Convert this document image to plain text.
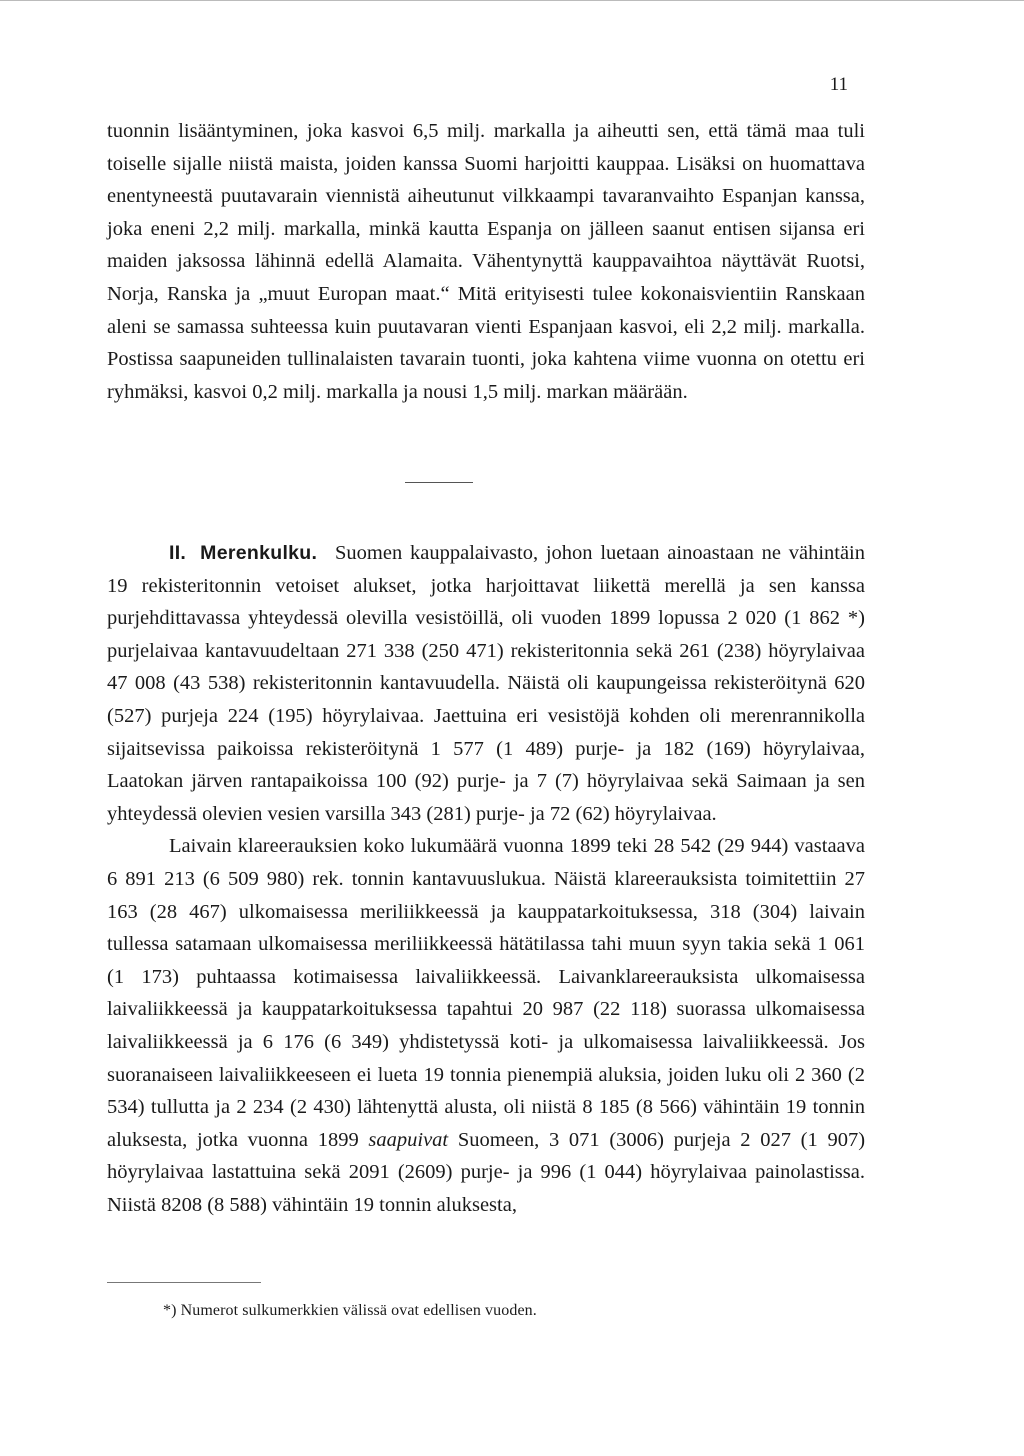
11

tuonnin lisääntyminen, joka kasvoi 6,5 milj. markalla ja aiheutti sen, että tämä maa tuli toiselle sijalle niistä maista, joiden kanssa Suomi harjoitti kauppaa. Lisäksi on huomattava enentyneestä puutavarain viennistä aiheutunut vilkkaampi tavaranvaihto Espanjan kanssa, joka eneni 2,2 milj. markalla, minkä kautta Espanja on jälleen saanut entisen sijansa eri maiden jaksossa lähinnä edellä Alamaita. Vähentynyttä kauppavaihtoa näyttävät Ruotsi, Norja, Ranska ja „muut Europan maat.“ Mitä erityisesti tulee kokonaisvientiin Ranskaan aleni se samassa suhteessa kuin puutavaran vienti Espanjaan kasvoi, eli 2,2 milj. markalla. Postissa saapuneiden tullinalaisten tavarain tuonti, joka kahtena viime vuonna on otettu eri ryhmäksi, kasvoi 0,2 milj. markalla ja nousi 1,5 milj. markan määrään.

II. Merenkulku. Suomen kauppalaivasto, johon luetaan ainoastaan ne vähintäin 19 rekisteritonnin vetoiset alukset, jotka harjoittavat liikettä merellä ja sen kanssa purjehdittavassa yhteydessä olevilla vesistöillä, oli vuoden 1899 lopussa 2 020 (1 862 *) purjelaivaa kantavuudeltaan 271 338 (250 471) rekisteritonnia sekä 261 (238) höyrylaivaa 47 008 (43 538) rekisteritonnin kantavuudella. Näistä oli kaupungeissa rekisteröitynä 620 (527) purjeja 224 (195) höyrylaivaa. Jaettuina eri vesistöjä kohden oli merenrannikolla sijaitsevissa paikoissa rekisteröitynä 1 577 (1 489) purje- ja 182 (169) höyrylaivaa, Laatokan järven rantapaikoissa 100 (92) purje- ja 7 (7) höyrylaivaa sekä Saimaan ja sen yhteydessä olevien vesien varsilla 343 (281) purje- ja 72 (62) höyrylaivaa.

Laivain klareerauksien koko lukumäärä vuonna 1899 teki 28 542 (29 944) vastaava 6 891 213 (6 509 980) rek. tonnin kantavuuslukua. Näistä klareerauksista toimitettiin 27 163 (28 467) ulkomaisessa meriliikkeessä ja kauppatarkoituksessa, 318 (304) laivain tullessa satamaan ulkomaisessa meriliikkeessä hätätilassa tahi muun syyn takia sekä 1 061 (1 173) puhtaassa kotimaisessa laivaliikkeessä. Laivanklareerauksista ulkomaisessa laivaliikkeessä ja kauppatarkoituksessa tapahtui 20 987 (22 118) suorassa ulkomaisessa laivaliikkeessä ja 6 176 (6 349) yhdistetyssä koti- ja ulkomaisessa laivaliikkeessä. Jos suoranaiseen laivaliikkeeseen ei lueta 19 tonnia pienempiä aluksia, joiden luku oli 2 360 (2 534) tullutta ja 2 234 (2 430) lähtenyttä alusta, oli niistä 8 185 (8 566) vähintäin 19 tonnin aluksesta, jotka vuonna 1899 saapuivat Suomeen, 3 071 (3006) purjeja 2 027 (1 907) höyrylaivaa lastattuina sekä 2091 (2609) purje- ja 996 (1 044) höyrylaivaa painolastissa. Niistä 8208 (8 588) vähintäin 19 tonnin aluksesta,

*) Numerot sulkumerkkien välissä ovat edellisen vuoden.
